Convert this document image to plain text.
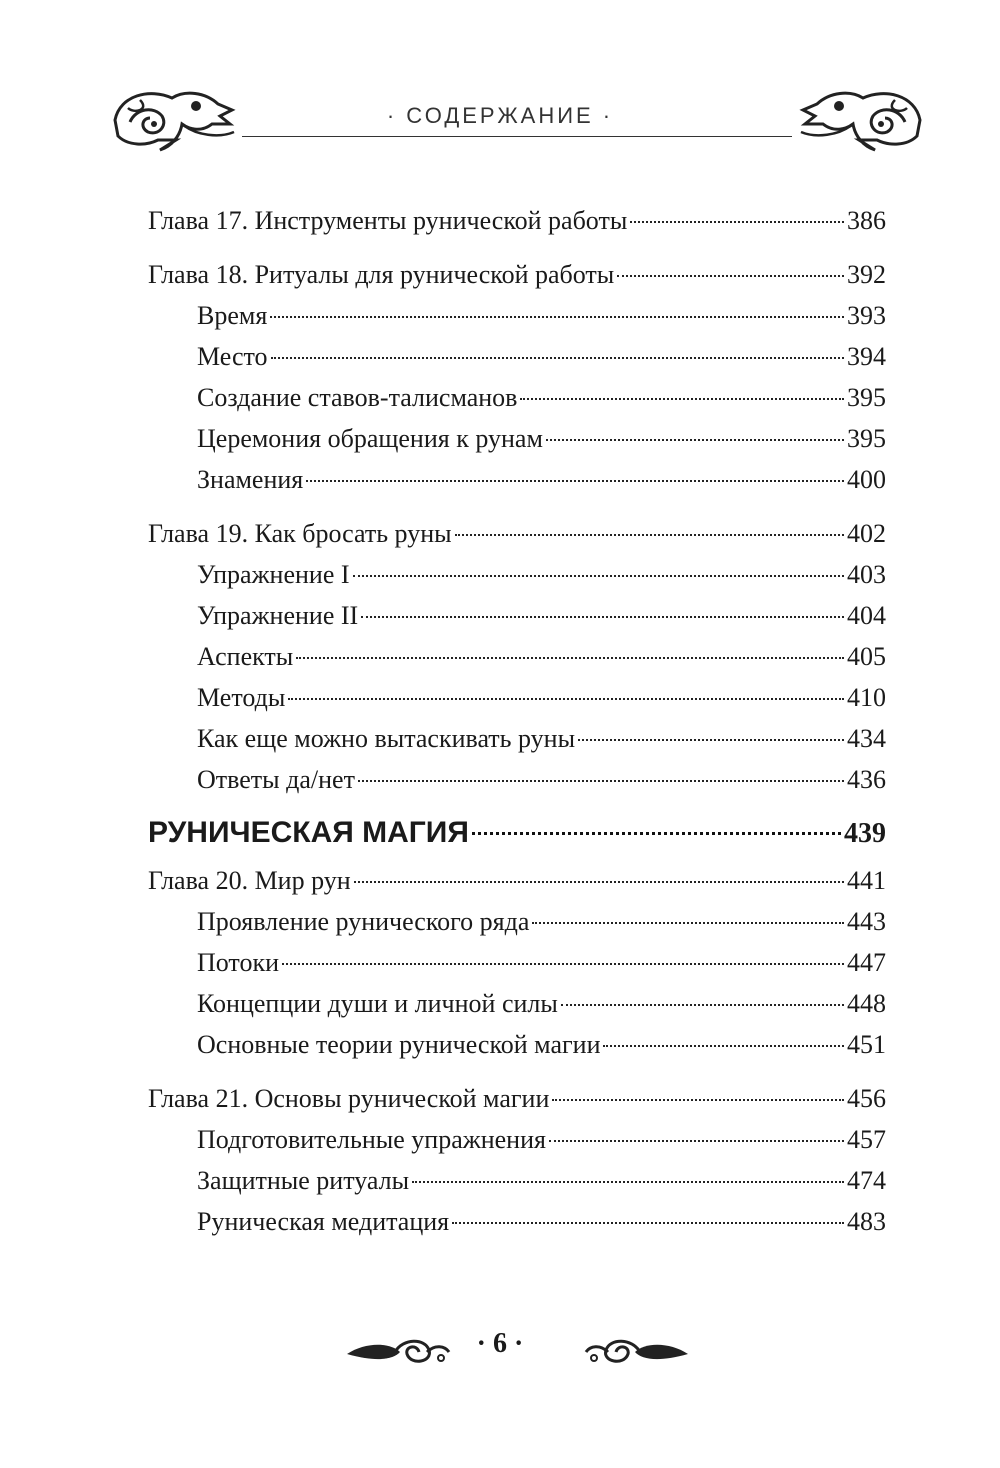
· СОДЕРЖАНИЕ ·
Глава 17. Инструменты рунической работы	386
Глава 18. Ритуалы для рунической работы	392
Время	393
Место	394
Создание ставов-талисманов	395
Церемония обращения к рунам	395
Знамения	400
Глава 19. Как бросать руны	402
Упражнение I	403
Упражнение II	404
Аспекты	405
Методы	410
Как еще можно вытаскивать руны	434
Ответы да/нет	436
РУНИЧЕСКАЯ МАГИЯ	439
Глава 20. Мир рун	441
Проявление рунического ряда	443
Потоки	447
Концепции души и личной силы	448
Основные теории рунической магии	451
Глава 21. Основы рунической магии	456
Подготовительные упражнения	457
Защитные ритуалы	474
Руническая медитация	483
· 6 ·
